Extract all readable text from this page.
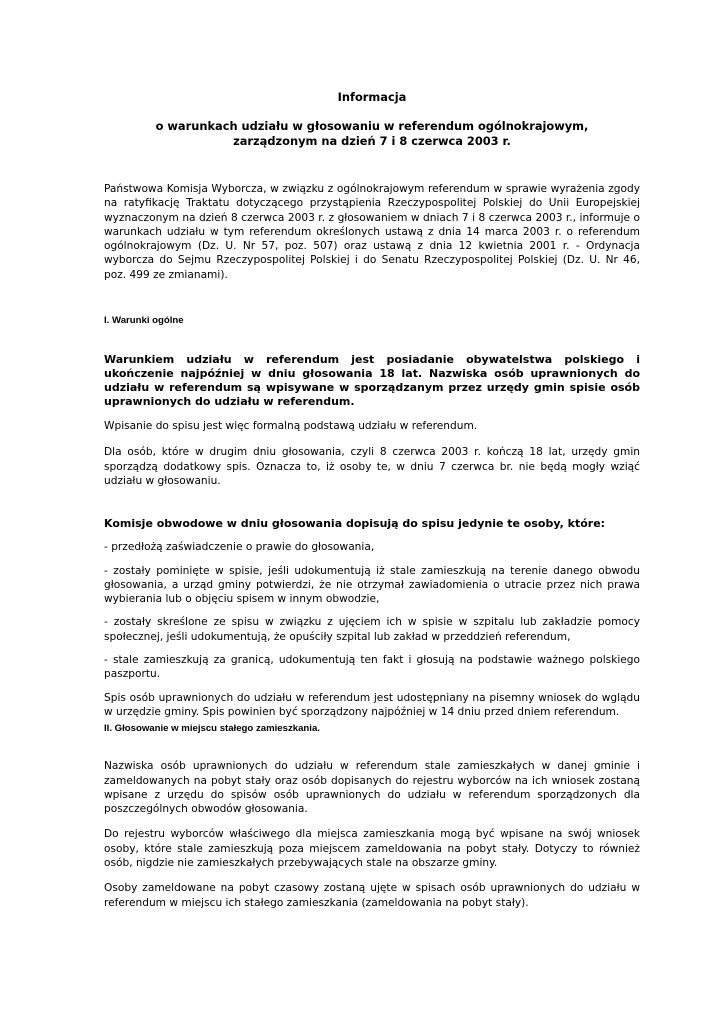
Informacja
o warunkach udziału w głosowaniu w referendum ogólnokrajowym,
zarządzonym na dzień 7 i 8 czerwca 2003 r.

Państwowa Komisja Wyborcza, w związku z ogólnokrajowym referendum w sprawie wyrażenia zgody na ratyfikację Traktatu dotyczącego przystąpienia Rzeczypospolitej Polskiej do Unii Europejskiej wyznaczonym na dzień 8 czerwca 2003 r. z głosowaniem w dniach 7 i 8 czerwca 2003 r., informuje o warunkach udziału w tym referendum określonych ustawą z dnia 14 marca 2003 r. o referendum ogólnokrajowym (Dz. U. Nr 57, poz. 507) oraz ustawą z dnia 12 kwietnia 2001 r. - Ordynacja wyborcza do Sejmu Rzeczypospolitej Polskiej i do Senatu Rzeczypospolitej Polskiej (Dz. U. Nr 46, poz. 499 ze zmianami).

I. Warunki ogólne

Warunkiem udziału w referendum jest posiadanie obywatelstwa polskiego i ukończenie najpóźniej w dniu głosowania 18 lat. Nazwiska osób uprawnionych do udziału w referendum są wpisywane w sporządzanym przez urzędy gmin spisie osób uprawnionych do udziału w referendum.

Wpisanie do spisu jest więc formalną podstawą udziału w referendum.

Dla osób, które w drugim dniu głosowania, czyli 8 czerwca 2003 r. kończą 18 lat, urzędy gmin sporządzą dodatkowy spis. Oznacza to, iż osoby te, w dniu 7 czerwca br. nie będą mogły wziąć udziału w głosowaniu.

Komisje obwodowe w dniu głosowania dopisują do spisu jedynie te osoby, które:

- przedłożą zaświadczenie o prawie do głosowania,

- zostały pominięte w spisie, jeśli udokumentują iż stale zamieszkują na terenie danego obwodu głosowania, a urząd gminy potwierdzi, że nie otrzymał zawiadomienia o utracie przez nich prawa wybierania lub o objęciu spisem w innym obwodzie,

- zostały skreślone ze spisu w związku z ujęciem ich w spisie w szpitalu lub zakładzie pomocy społecznej, jeśli udokumentują, że opuściły szpital lub zakład w przeddzień referendum,

- stale zamieszkują za granicą, udokumentują ten fakt i głosują na podstawie ważnego polskiego paszportu.

Spis osób uprawnionych do udziału w referendum jest udostępniany na pisemny wniosek do wglądu w urzędzie gminy. Spis powinien być sporządzony najpóźniej w 14 dniu przed dniem referendum.

II. Głosowanie w miejscu stałego zamieszkania.

Nazwiska osób uprawnionych do udziału w referendum stale zamieszkałych w danej gminie i zameldowanych na pobyt stały oraz osób dopisanych do rejestru wyborców na ich wniosek zostaną wpisane z urzędu do spisów osób uprawnionych do udziału w referendum sporządzonych dla poszczególnych obwodów głosowania.

Do rejestru wyborców właściwego dla miejsca zamieszkania mogą być wpisane na swój wniosek osoby, które stale zamieszkują poza miejscem zameldowania na pobyt stały. Dotyczy to również osób, nigdzie nie zamieszkałych przebywających stale na obszarze gminy.

Osoby zameldowane na pobyt czasowy zostaną ujęte w spisach osób uprawnionych do udziału w referendum w miejscu ich stałego zamieszkania (zameldowania na pobyt stały).
